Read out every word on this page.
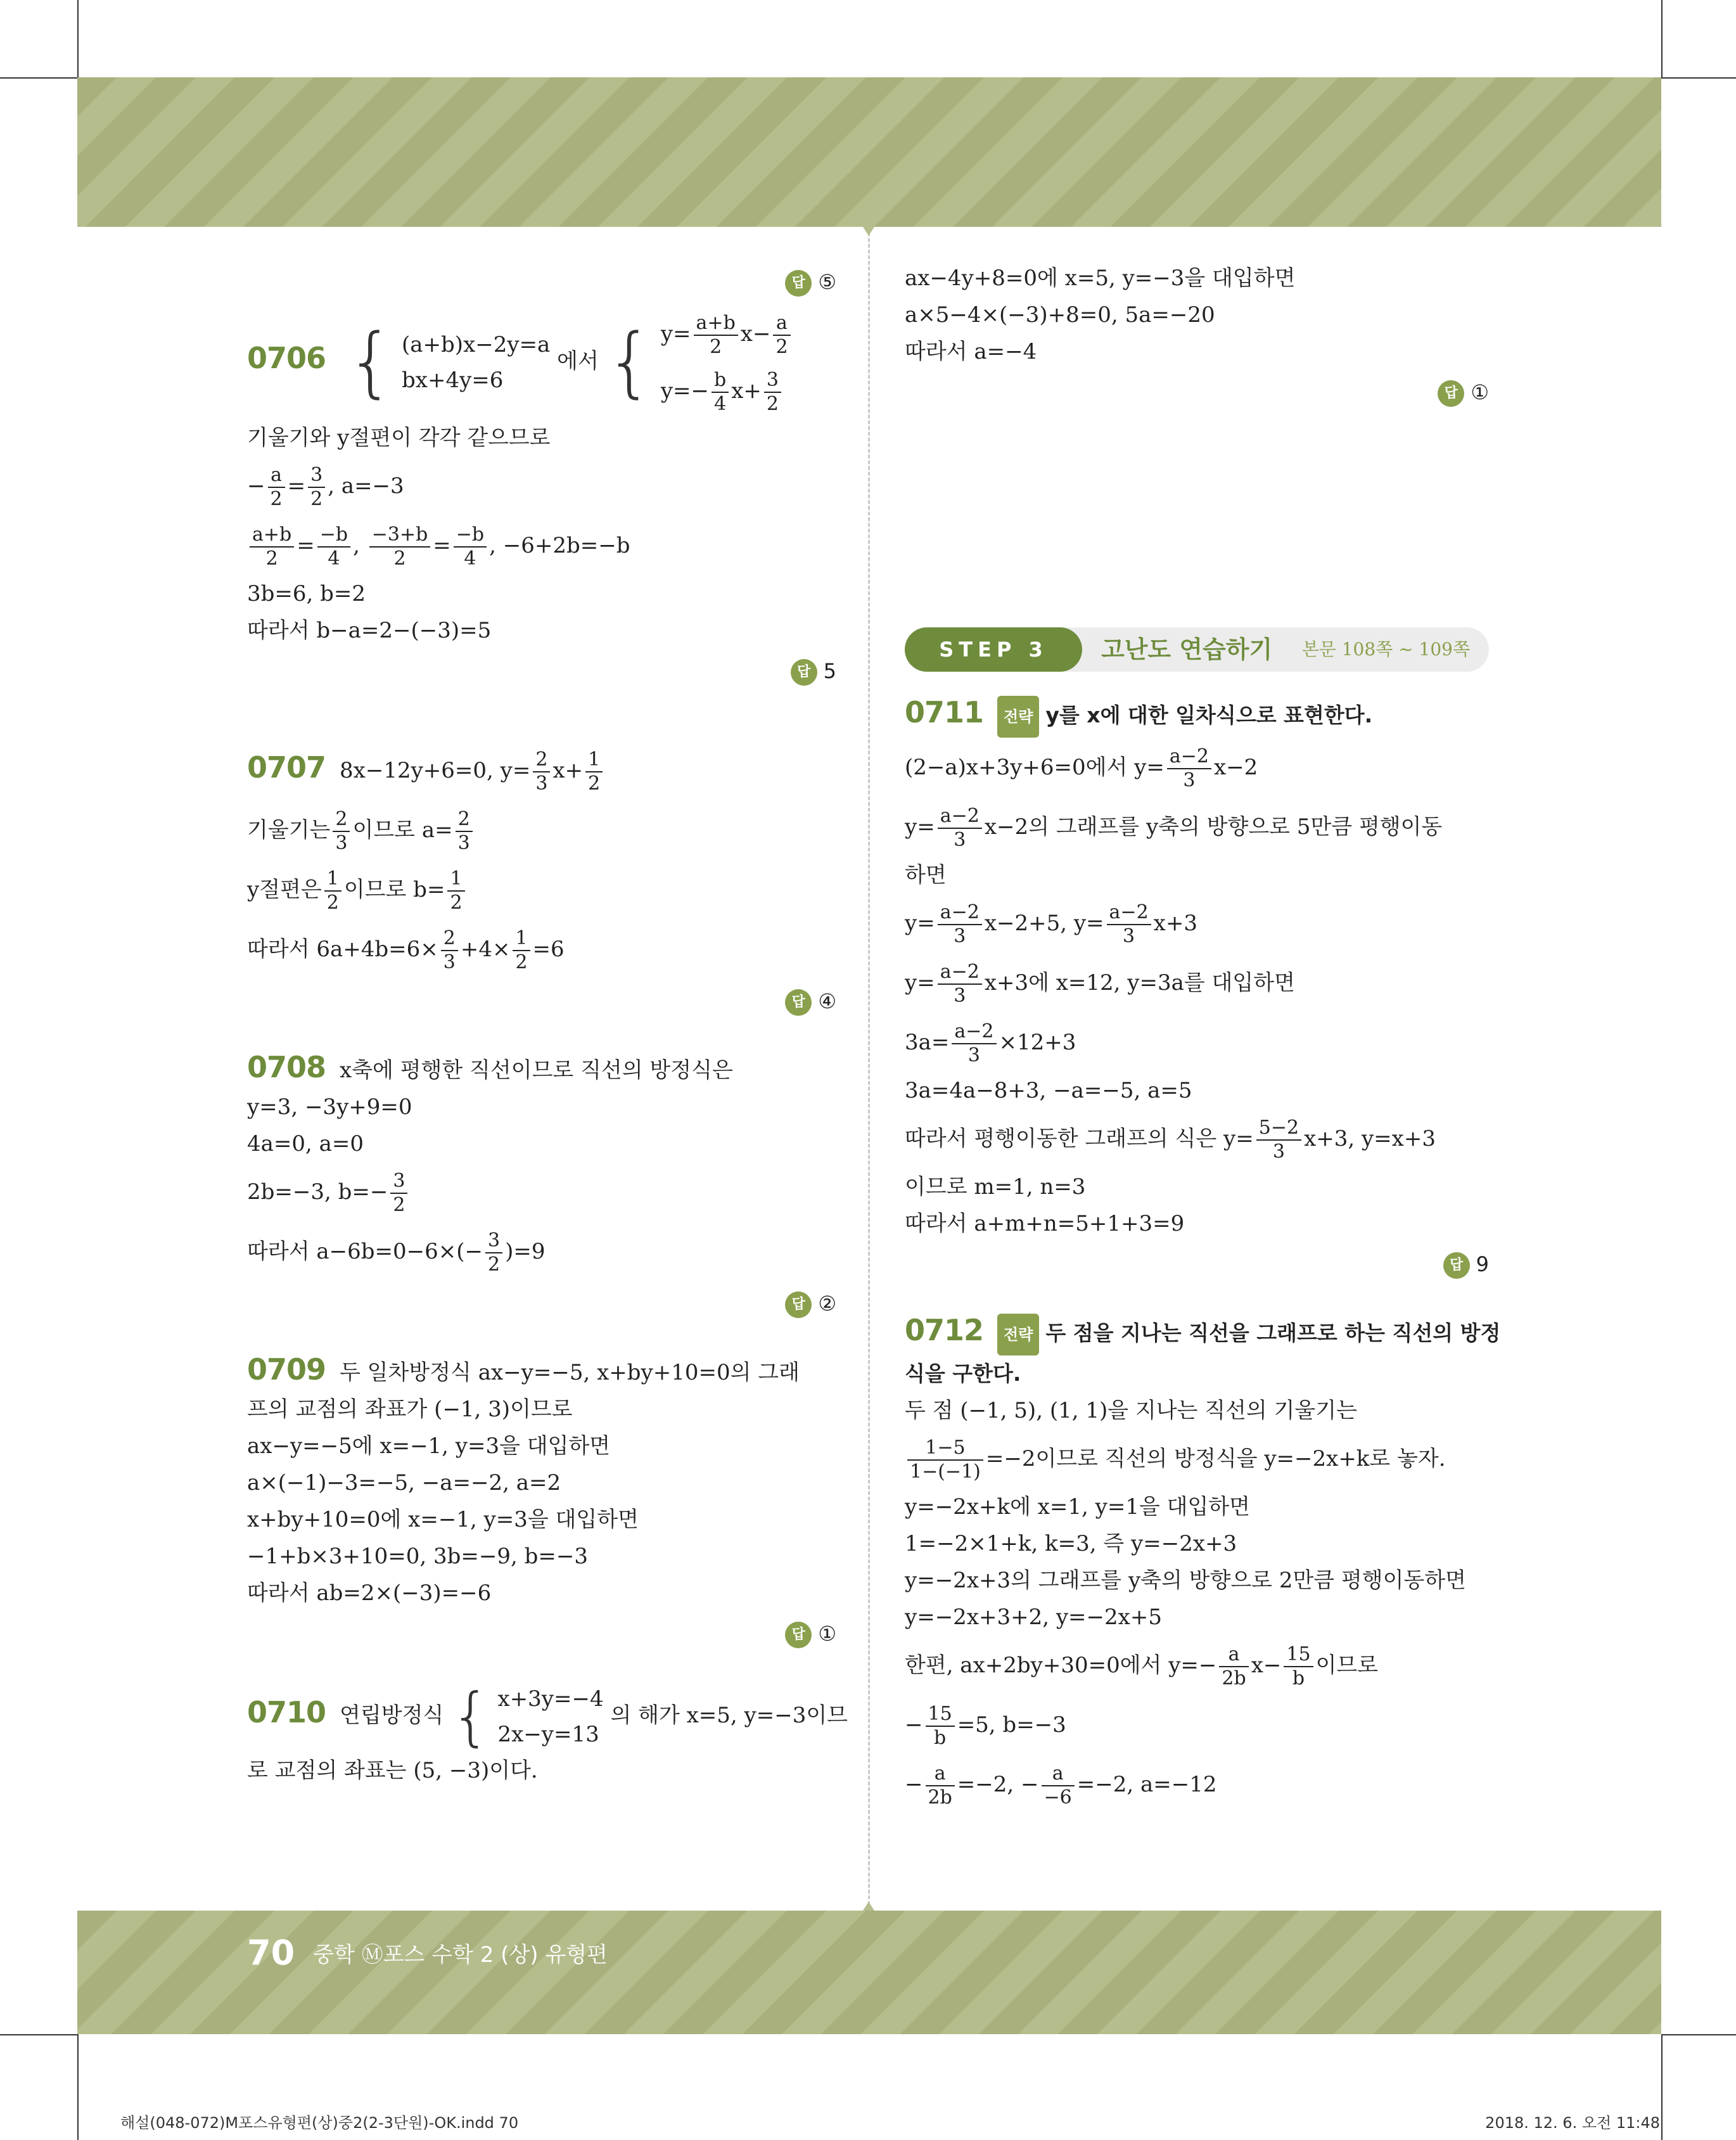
답 ⑤
0706 { (a+b)x−2y=a
bx+4y=6
에서 { $y= \frac{a+b}{2} x- \frac{a}{2}$
$y=- \frac{b}{4} x+ \frac{3}{2}$
기울기와 y절편이 각각 같으므로
− $\frac{a}{2} = \frac{3}{2}$ , a=−3
$\frac{a+b}{2} = \frac{-b}{4}$ , $\frac{-3+b}{2} = \frac{-b}{4}$ , −6+2b=−b
3b=6, b=2
따라서 b−a=2−(−3)=5
답 5
0707 8x−12y+6=0, $y= \frac{2}{3} x+ \frac{1}{2}$
기울기는 $\frac{2}{3}$ 이므로 $a= \frac{2}{3}$
y절편은 $\frac{1}{2}$ 이므로 $b= \frac{1}{2}$
따라서 $6a+4b=6\times \frac{2}{3} +4\times \frac{1}{2} =6$
답 ④
0708 x축에 평행한 직선이므로 직선의 방정식은
y=3, −3y+9=0
4a=0, a=0
2b=−3, $b=- \frac{3}{2}$
따라서 $a-6b=0-6\times(- \frac{3}{2} )=9$
답 ②
0709 두 일차방정식 ax−y=−5, x+by+10=0의 그래
프의 교점의 좌표가 (−1, 3)이므로
ax−y=−5에 x=−1, y=3을 대입하면
a×(−1)−3=−5, −a=−2, a=2
x+by+10=0에 x=−1, y=3을 대입하면
−1+b×3+10=0, 3b=−9, b=−3
따라서 ab=2×(−3)=−6
답 ①
0710 연립방정식 { x+3y=−4
2x−y=13
의 해가 x=5, y=−3이므
로 교점의 좌표는 (5, −3)이다.
ax−4y+8=0에 x=5, y=−3을 대입하면
a×5−4×(−3)+8=0, 5a=−20
따라서 a=−4
답 ①
STEP 3	고난도 연습하기 본문 108쪽 ~ 109쪽
0711 전략 y를 x에 대한 일차식으로 표현한다.
(2−a)x+3y+6=0에서 $y= \frac{a-2}{3} x-2$
$y= \frac{a-2}{3} x-2$의 그래프를 y축의 방향으로 5만큼 평행이동
하면
$y= \frac{a-2}{3} x-2+5$, $y= \frac{a-2}{3} x+3$
$y= \frac{a-2}{3} x+3$에 x=12, y=3a를 대입하면
$3a= \frac{a-2}{3} \times 12+3$
3a=4a−8+3, −a=−5, a=5
따라서 평행이동한 그래프의 식은 $y= \frac{5-2}{3} x+3$, y=x+3
이므로 m=1, n=3
따라서 a+m+n=5+1+3=9
답 9
0712 전략 두 점을 지나는 직선을 그래프로 하는 직선의 방정
식을 구한다.
두 점 (−1, 5), (1, 1)을 지나는 직선의 기울기는
$\frac{1-5}{1-(-1)} =-2$이므로 직선의 방정식을 y=−2x+k로 놓자.
y=−2x+k에 x=1, y=1을 대입하면
1=−2×1+k, k=3, 즉 y=−2x+3
y=−2x+3의 그래프를 y축의 방향으로 2만큼 평행이동하면
y=−2x+3+2, y=−2x+5
한편, ax+2by+30=0에서 $y=- \frac{a}{2b} x- \frac{15}{b}$ 이므로
− $\frac{15}{b} =5$, b=−3
− $\frac{a}{2b} =-2$, − $\frac{a}{-6} =-2$, a=−12
70 중학 Ⓜ포스 수학 2 (상) 유형편
해설(048-072)M포스유형편(상)중2(2-3단원)-OK.indd 70	2018. 12. 6. 오전 11:48
